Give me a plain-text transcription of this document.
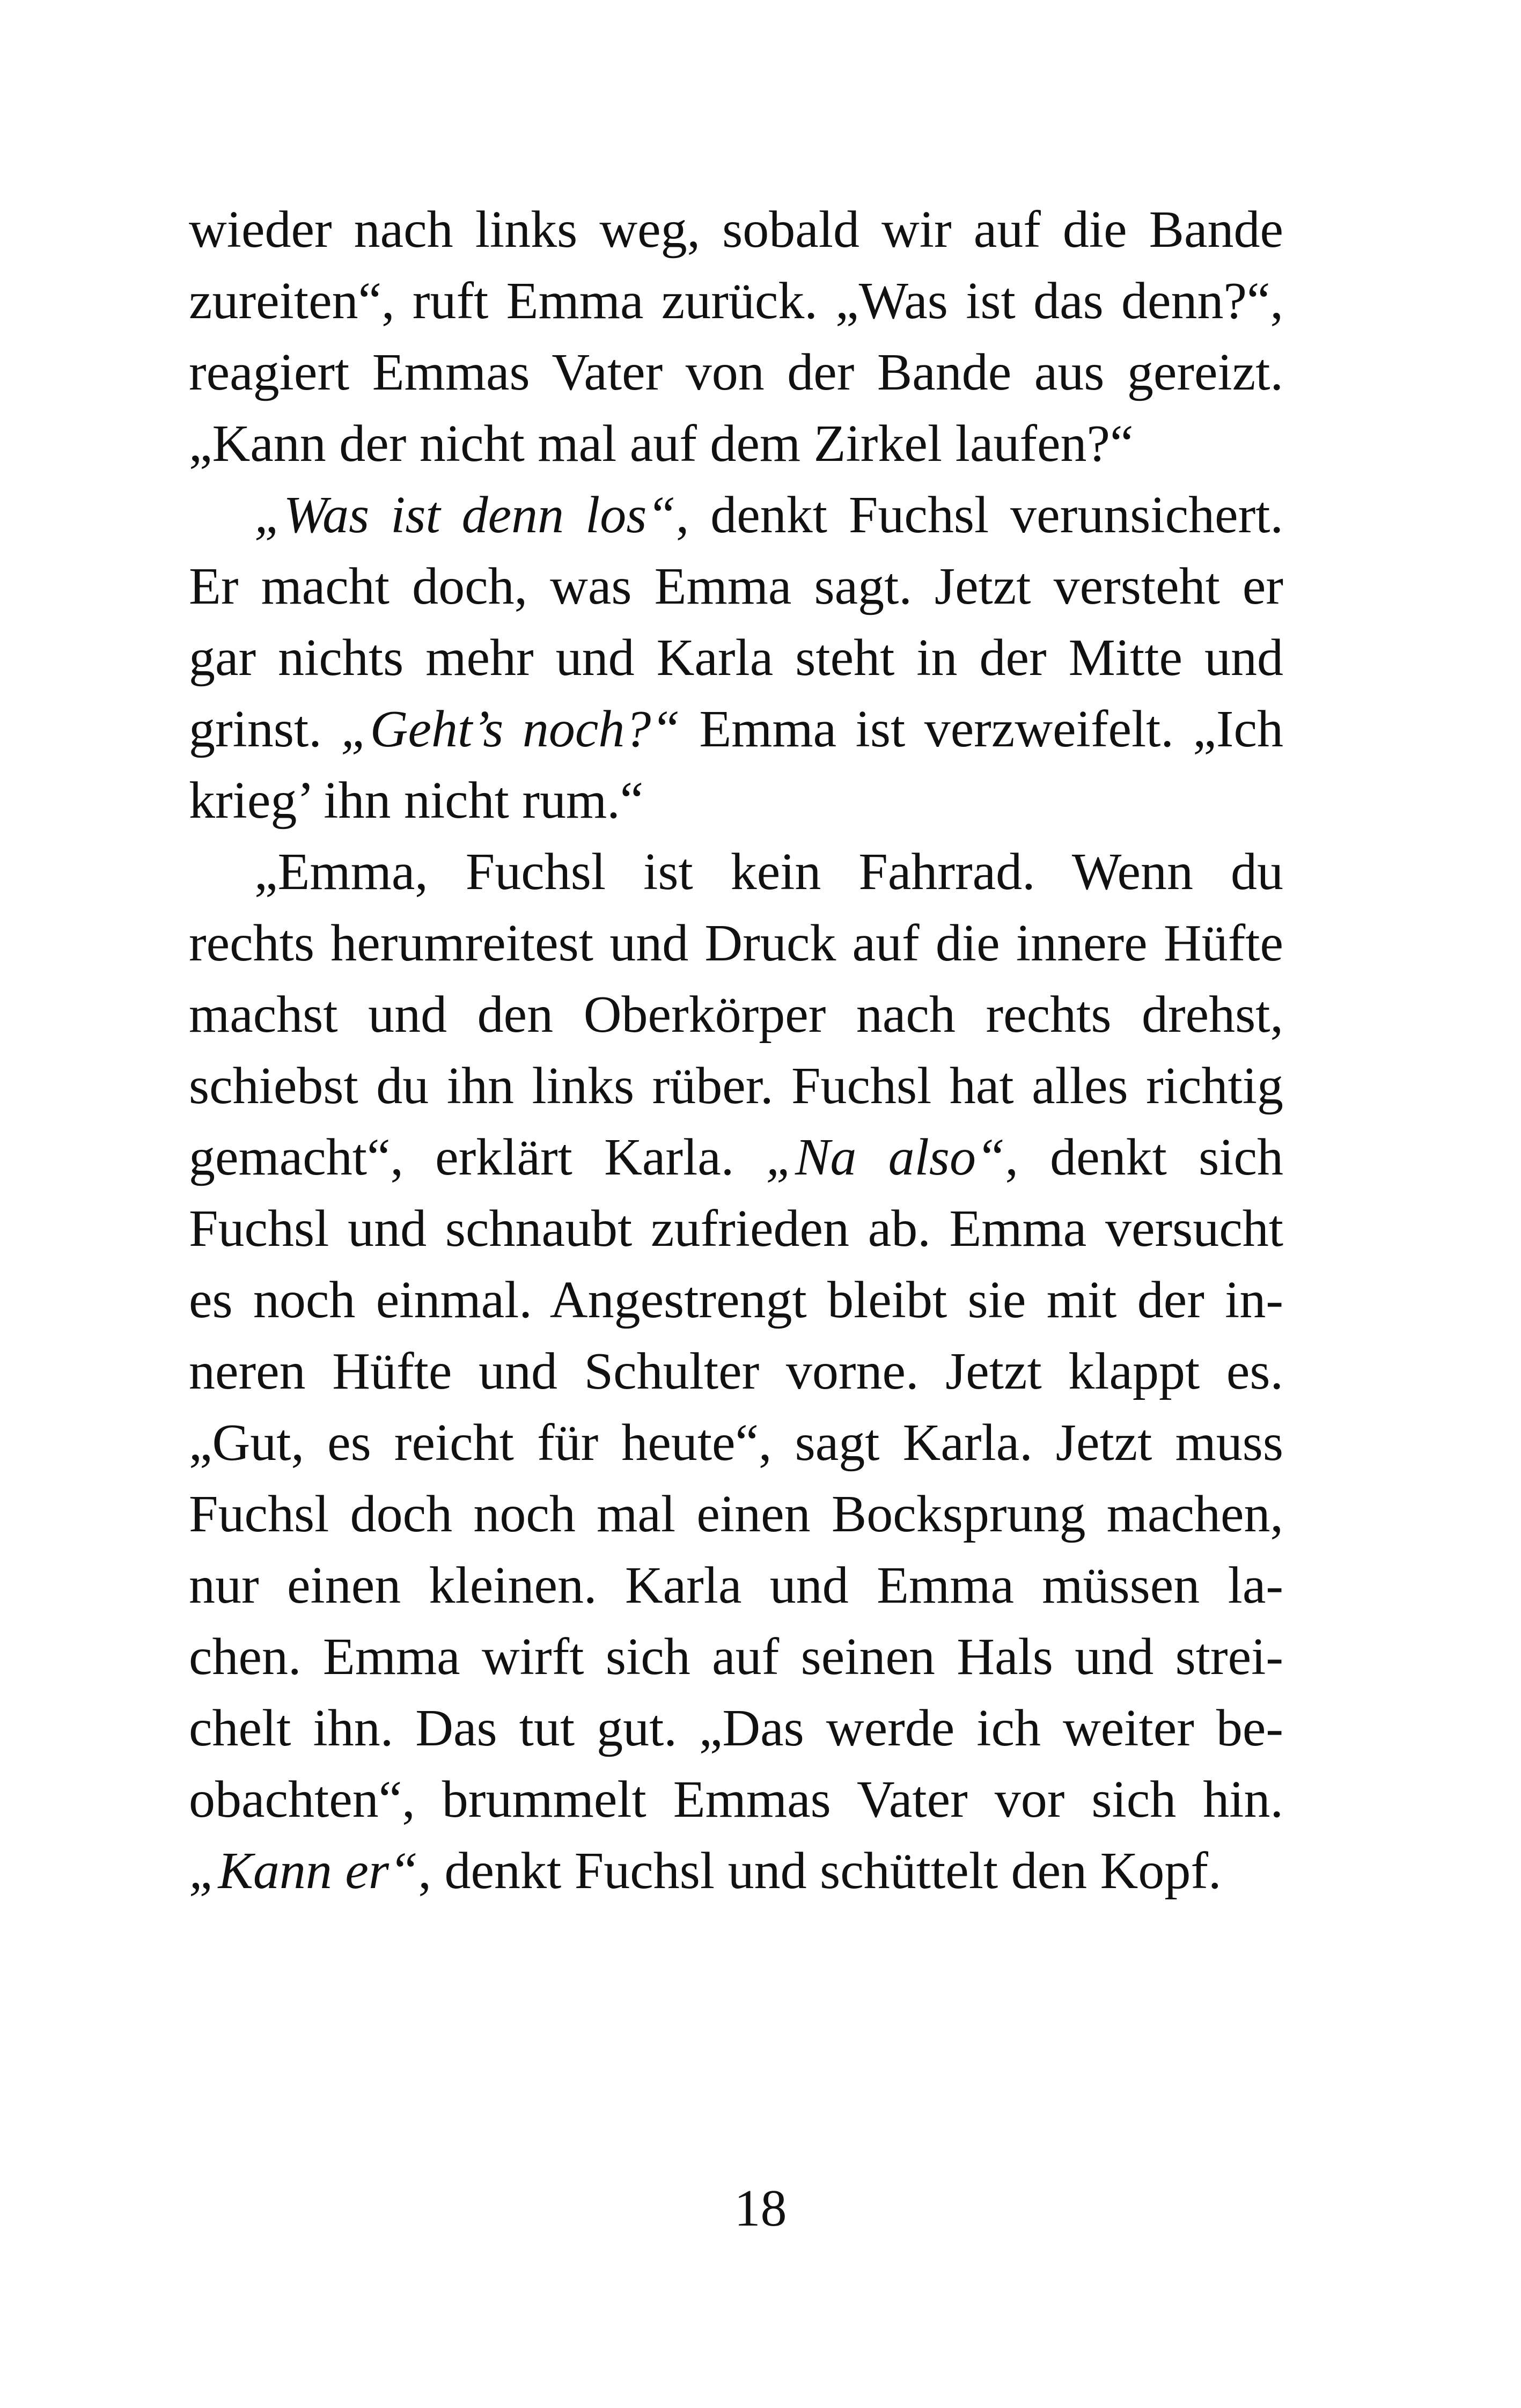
wieder nach links weg, sobald wir auf die Bande
zureiten“, ruft Emma zurück. „Was ist das denn?“,
reagiert Emmas Vater von der Bande aus gereizt.
„Kann der nicht mal auf dem Zirkel laufen?“
„Was ist denn los“, denkt Fuchsl verunsichert.
Er macht doch, was Emma sagt. Jetzt versteht er
gar nichts mehr und Karla steht in der Mitte und
grinst. „Geht’s noch?“ Emma ist verzweifelt. „Ich
krieg’ ihn nicht rum.“
„Emma, Fuchsl ist kein Fahrrad. Wenn du
rechts herumreitest und Druck auf die innere Hüfte
machst und den Oberkörper nach rechts drehst,
schiebst du ihn links rüber. Fuchsl hat alles richtig
gemacht“, erklärt Karla. „Na also“, denkt sich
Fuchsl und schnaubt zufrieden ab. Emma versucht
es noch einmal. Angestrengt bleibt sie mit der in-
neren Hüfte und Schulter vorne. Jetzt klappt es.
„Gut, es reicht für heute“, sagt Karla. Jetzt muss
Fuchsl doch noch mal einen Bocksprung machen,
nur einen kleinen. Karla und Emma müssen la-
chen. Emma wirft sich auf seinen Hals und strei-
chelt ihn. Das tut gut. „Das werde ich weiter be-
obachten“, brummelt Emmas Vater vor sich hin.
„Kann er“, denkt Fuchsl und schüttelt den Kopf.
18
